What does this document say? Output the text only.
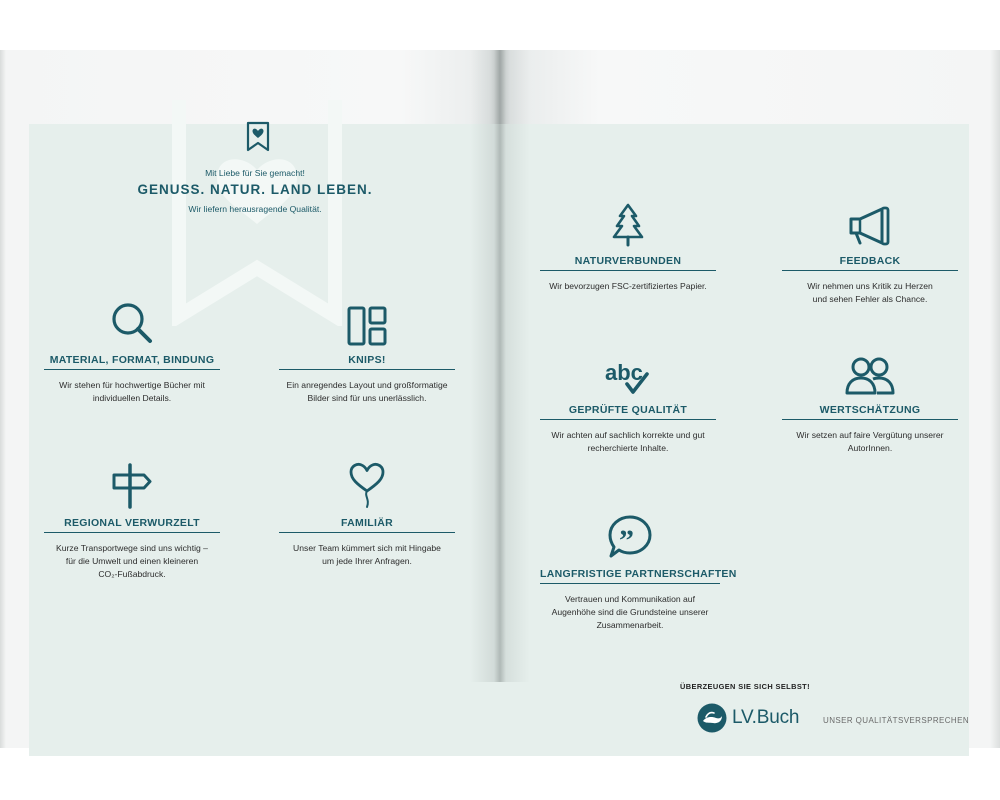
Mit Liebe für Sie gemacht!
GENUSS. NATUR. LAND LEBEN.
Wir liefern herausragende Qualität.
MATERIAL, FORMAT, BINDUNG
Wir stehen für hochwertige Bücher mit
individuellen Details.
KNIPS!
Ein anregendes Layout und großformatige
Bilder sind für uns unerlässlich.
REGIONAL VERWURZELT
Kurze Transportwege sind uns wichtig –
für die Umwelt und einen kleineren
CO₂-Fußabdruck.
FAMILIÄR
Unser Team kümmert sich mit Hingabe
um jede Ihrer Anfragen.
NATURVERBUNDEN
Wir bevorzugen FSC-zertifiziertes Papier.
FEEDBACK
Wir nehmen uns Kritik zu Herzen
und sehen Fehler als Chance.
abc
GEPRÜFTE QUALITÄT
Wir achten auf sachlich korrekte und gut
recherchierte Inhalte.
WERTSCHÄTZUNG
Wir setzen auf faire Vergütung unserer
AutorInnen.
”
LANGFRISTIGE PARTNERSCHAFTEN
Vertrauen und Kommunikation auf
Augenhöhe sind die Grundsteine unserer
Zusammenarbeit.
ÜBERZEUGEN SIE SICH SELBST!
LV.Buch	UNSER QUALITÄTSVERSPRECHEN
